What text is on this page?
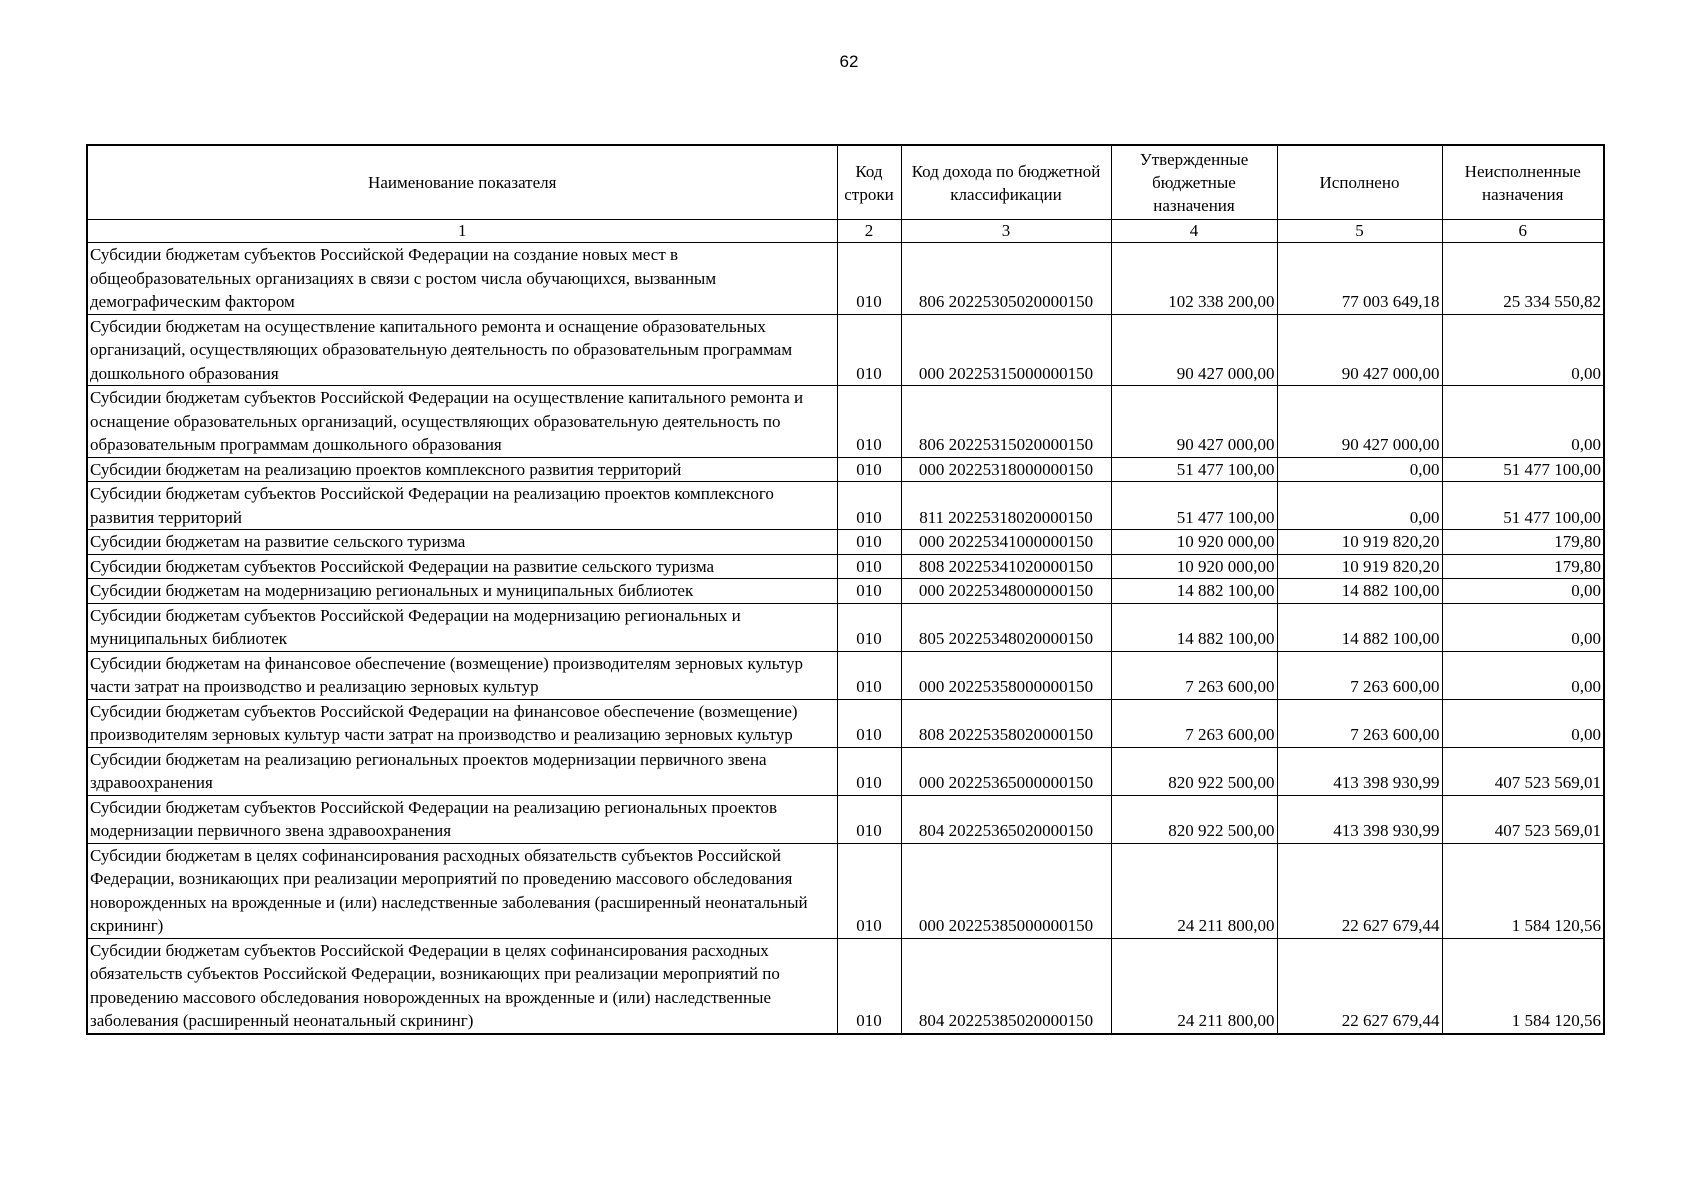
62
Наименование показателя	Код строки	Код дохода по бюджетной классификации	Утвержденные бюджетные назначения	Исполнено	Неисполненные назначения
1	2	3	4	5	6
Субсидии бюджетам субъектов Российской Федерации на создание новых мест в общеобразовательных организациях в связи с ростом числа обучающихся, вызванным демографическим фактором	010	806 20225305020000150	102 338 200,00	77 003 649,18	25 334 550,82
Субсидии бюджетам на осуществление капитального ремонта и оснащение образовательных организаций, осуществляющих образовательную деятельность по образовательным программам дошкольного образования	010	000 20225315000000150	90 427 000,00	90 427 000,00	0,00
Субсидии бюджетам субъектов Российской Федерации на осуществление капитального ремонта и оснащение образовательных организаций, осуществляющих образовательную деятельность по образовательным программам дошкольного образования	010	806 20225315020000150	90 427 000,00	90 427 000,00	0,00
Субсидии бюджетам на реализацию проектов комплексного развития территорий	010	000 20225318000000150	51 477 100,00	0,00	51 477 100,00
Субсидии бюджетам субъектов Российской Федерации на реализацию проектов комплексного развития территорий	010	811 20225318020000150	51 477 100,00	0,00	51 477 100,00
Субсидии бюджетам на развитие сельского туризма	010	000 20225341000000150	10 920 000,00	10 919 820,20	179,80
Субсидии бюджетам субъектов Российской Федерации на развитие сельского туризма	010	808 20225341020000150	10 920 000,00	10 919 820,20	179,80
Субсидии бюджетам на модернизацию региональных и муниципальных библиотек	010	000 20225348000000150	14 882 100,00	14 882 100,00	0,00
Субсидии бюджетам субъектов Российской Федерации на модернизацию региональных и муниципальных библиотек	010	805 20225348020000150	14 882 100,00	14 882 100,00	0,00
Субсидии бюджетам на финансовое обеспечение (возмещение) производителям зерновых культур части затрат на производство и реализацию зерновых культур	010	000 20225358000000150	7 263 600,00	7 263 600,00	0,00
Субсидии бюджетам субъектов Российской Федерации на финансовое обеспечение (возмещение) производителям зерновых культур части затрат на производство и реализацию зерновых культур	010	808 20225358020000150	7 263 600,00	7 263 600,00	0,00
Субсидии бюджетам на реализацию региональных проектов модернизации первичного звена здравоохранения	010	000 20225365000000150	820 922 500,00	413 398 930,99	407 523 569,01
Субсидии бюджетам субъектов Российской Федерации на реализацию региональных проектов модернизации первичного звена здравоохранения	010	804 20225365020000150	820 922 500,00	413 398 930,99	407 523 569,01
Субсидии бюджетам в целях софинансирования расходных обязательств субъектов Российской Федерации, возникающих при реализации мероприятий по проведению массового обследования новорожденных на врожденные и (или) наследственные заболевания (расширенный неонатальный скрининг)	010	000 20225385000000150	24 211 800,00	22 627 679,44	1 584 120,56
Субсидии бюджетам субъектов Российской Федерации в целях софинансирования расходных обязательств субъектов Российской Федерации, возникающих при реализации мероприятий по проведению массового обследования новорожденных на врожденные и (или) наследственные заболевания (расширенный неонатальный скрининг)	010	804 20225385020000150	24 211 800,00	22 627 679,44	1 584 120,56
